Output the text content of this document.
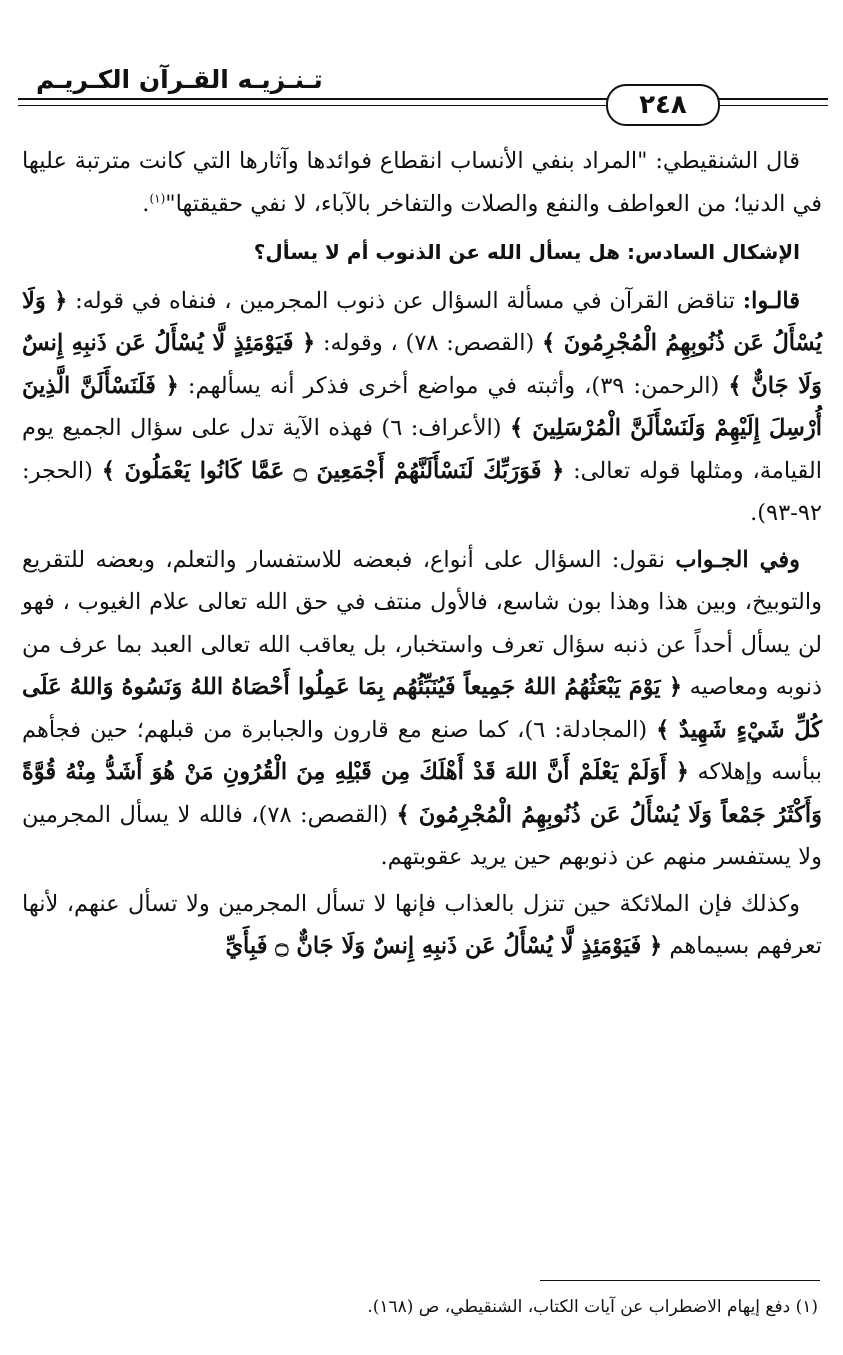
تـنـزيـه القـرآن الكـريـم
٢٤٨

قال الشنقيطي: "المراد بنفي الأنساب انقطاع فوائدها وآثارها التي كانت مترتبة عليها في الدنيا؛ من العواطف والنفع والصلات والتفاخر بالآباء، لا نفي حقيقتها"$^{(١)}$.

الإشكال السادس: هل يسأل الله عن الذنوب أم لا يسأل؟

قالـوا: تناقض القرآن في مسألة السؤال عن ذنوب المجرمين ، فنفاه في قوله: ﴿ وَلَا يُسْأَلُ عَن ذُنُوبِهِمُ الْمُجْرِمُونَ ﴾ (القصص: ٧٨) ، وقوله: ﴿ فَيَوْمَئِذٍ لَّا يُسْأَلُ عَن ذَنبِهِ إِنسٌ وَلَا جَانٌّ ﴾ (الرحمن: ٣٩)، وأثبته في مواضع أخرى فذكر أنه يسألهم: ﴿ فَلَنَسْأَلَنَّ الَّذِينَ أُرْسِلَ إِلَيْهِمْ وَلَنَسْأَلَنَّ الْمُرْسَلِينَ ﴾ (الأعراف: ٦) فهذه الآية تدل على سؤال الجميع يوم القيامة، ومثلها قوله تعالى: ﴿ فَوَرَبِّكَ لَنَسْأَلَنَّهُمْ أَجْمَعِينَ ۝ عَمَّا كَانُوا يَعْمَلُونَ ﴾ (الحجر: ٩٢-٩٣).

وفي الجـواب نقول: السؤال على أنواع، فبعضه للاستفسار والتعلم، وبعضه للتقريع والتوبيخ، وبين هذا وهذا بون شاسع، فالأول منتف في حق الله تعالى علام الغيوب ، فهو لن يسأل أحداً عن ذنبه سؤال تعرف واستخبار، بل يعاقب الله تعالى العبد بما عرف من ذنوبه ومعاصيه ﴿ يَوْمَ يَبْعَثُهُمُ اللهُ جَمِيعاً فَيُنَبِّئُهُم بِمَا عَمِلُوا أَحْصَاهُ اللهُ وَنَسُوهُ وَاللهُ عَلَى كُلِّ شَيْءٍ شَهِيدٌ ﴾ (المجادلة: ٦)، كما صنع مع قارون والجبابرة من قبلهم؛ حين فجأهم ببأسه وإهلاكه ﴿ أَوَلَمْ يَعْلَمْ أَنَّ اللهَ قَدْ أَهْلَكَ مِن قَبْلِهِ مِنَ الْقُرُونِ مَنْ هُوَ أَشَدُّ مِنْهُ قُوَّةً وَأَكْثَرُ جَمْعاً وَلَا يُسْأَلُ عَن ذُنُوبِهِمُ الْمُجْرِمُونَ ﴾ (القصص: ٧٨)، فالله لا يسأل المجرمين ولا يستفسر منهم عن ذنوبهم حين يريد عقوبتهم.

وكذلك فإن الملائكة حين تنزل بالعذاب فإنها لا تسأل المجرمين ولا تسأل عنهم، لأنها تعرفهم بسيماهم ﴿ فَيَوْمَئِذٍ لَّا يُسْأَلُ عَن ذَنبِهِ إِنسٌ وَلَا جَانٌّ ۝ فَبِأَيِّ

(١) دفع إيهام الاضطراب عن آيات الكتاب، الشنقيطي، ص (١٦٨).
